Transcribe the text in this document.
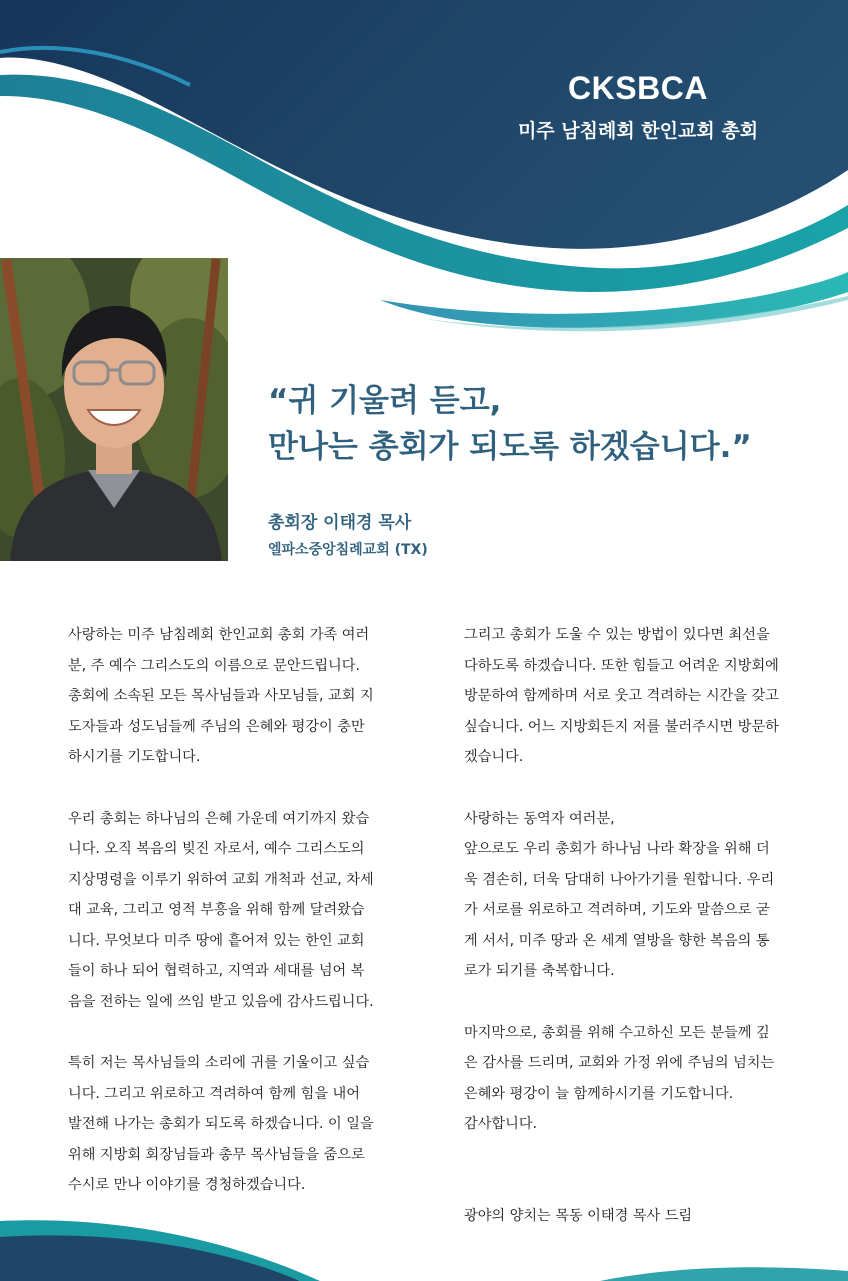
CKSBCA
미주 남침례회 한인교회 총회
“귀 기울려 듣고,
만나는 총회가 되도록 하겠습니다.”
총회장 이태경 목사
엘파소중앙침례교회 (TX)

사랑하는 미주 남침례회 한인교회 총회 가족 여러
분, 주 예수 그리스도의 이름으로 문안드립니다.
총회에 소속된 모든 목사님들과 사모님들, 교회 지
도자들과 성도님들께 주님의 은혜와 평강이 충만
하시기를 기도합니다.

우리 총회는 하나님의 은혜 가운데 여기까지 왔습
니다. 오직 복음의 빚진 자로서, 예수 그리스도의
지상명령을 이루기 위하여 교회 개척과 선교, 차세
대 교육, 그리고 영적 부흥을 위해 함께 달려왔습
니다. 무엇보다 미주 땅에 흩어져 있는 한인 교회
들이 하나 되어 협력하고, 지역과 세대를 넘어 복
음을 전하는 일에 쓰임 받고 있음에 감사드립니다.

특히 저는 목사님들의 소리에 귀를 기울이고 싶습
니다. 그리고 위로하고 격려하여 함께 힘을 내어
발전해 나가는 총회가 되도록 하겠습니다. 이 일을
위해 지방회 회장님들과 총무 목사님들을 줌으로
수시로 만나 이야기를 경청하겠습니다.

그리고 총회가 도울 수 있는 방법이 있다면 최선을
다하도록 하겠습니다. 또한 힘들고 어려운 지방회에
방문하여 함께하며 서로 웃고 격려하는 시간을 갖고
싶습니다. 어느 지방회든지 저를 불러주시면 방문하
겠습니다.

사랑하는 동역자 여러분,
앞으로도 우리 총회가 하나님 나라 확장을 위해 더
욱 겸손히, 더욱 담대히 나아가기를 원합니다. 우리
가 서로를 위로하고 격려하며, 기도와 말씀으로 굳
게 서서, 미주 땅과 온 세계 열방을 향한 복음의 통
로가 되기를 축복합니다.

마지막으로, 총회를 위해 수고하신 모든 분들께 깊
은 감사를 드리며, 교회와 가정 위에 주님의 넘치는
은혜와 평강이 늘 함께하시기를 기도합니다.
감사합니다.

광야의 양치는 목동 이태경 목사 드림
